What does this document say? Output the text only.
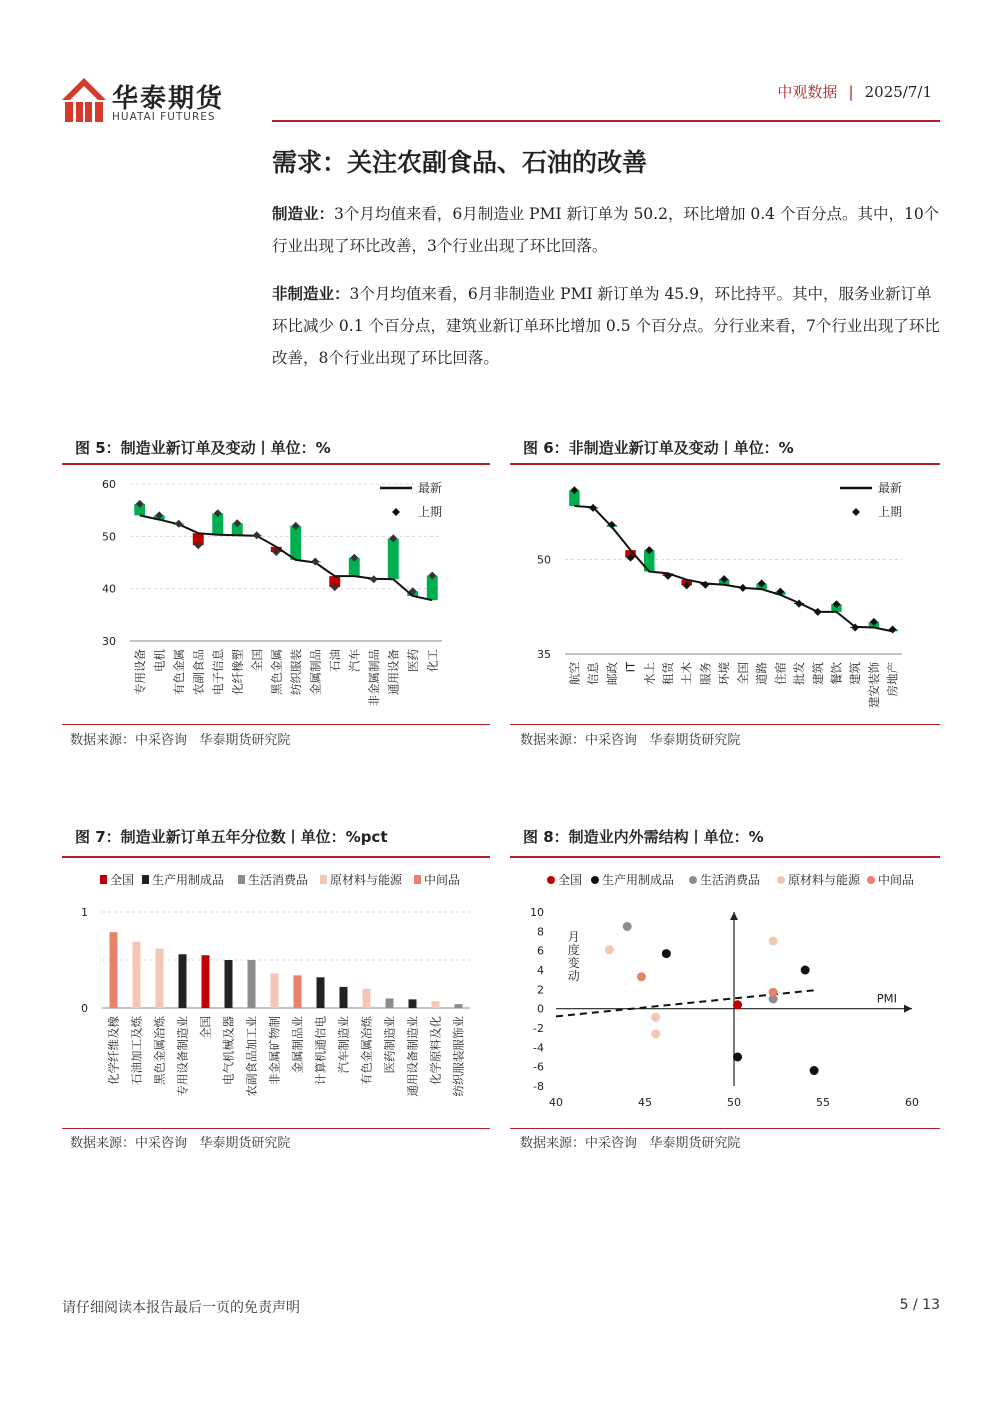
华泰期货
HUATAI FUTURES
中观数据 | 2025/7/1
需求：关注农副食品、石油的改善
制造业：3个月均值来看，6月制造业 PMI 新订单为 50.2，环比增加 0.4 个百分点。其中，10个行业出现了环比改善，3个行业出现了环比回落。
非制造业：3个月均值来看，6月非制造业 PMI 新订单为 45.9，环比持平。其中，服务业新订单环比减少 0.1 个百分点，建筑业新订单环比增加 0.5 个百分点。分行业来看，7个行业出现了环比改善，8个行业出现了环比回落。
图 5：制造业新订单及变动丨单位：%
数据来源：中采咨询   华泰期货研究院
图 6：非制造业新订单及变动丨单位：%
数据来源：中采咨询   华泰期货研究院
图 7：制造业新订单五年分位数丨单位：%pct
数据来源：中采咨询   华泰期货研究院
图 8：制造业内外需结构丨单位：%
数据来源：中采咨询   华泰期货研究院
30
40
50
60
专用设备 电机 有色金属 农副食品 电子信息 化纤橡塑 全国 黑色金属 纺织服装 金属制品 石油 汽车 非金属制品 通用设备 医药 化工
最新
上期
35
50
航空 信息 邮政 IT 水上 租赁 土木 服务 环境 全国 道路 住宿 批发 建筑 餐饮 建筑 建安装饰 房地产
最新
上期
全国 生产用制成品 生活消费品 原材料与能源 中间品
0
1
化学纤维及橡 石油加工及炼 黑色金属冶炼 专用设备制造业 全国 电气机械及器 农副食品加工业 非金属矿物制 金属制品业 计算机通信电 汽车制造业 有色金属冶炼 医药制造业 通用设备制造业 化学原料及化 纺织服装服饰业
全国 生产用制成品 生活消费品 原材料与能源 中间品
10
8
6
4
2
0
-2
-4
-6
-8
40	45	50	55	60
PMI
月
度
变
动
请仔细阅读本报告最后一页的免责声明	5 / 13
